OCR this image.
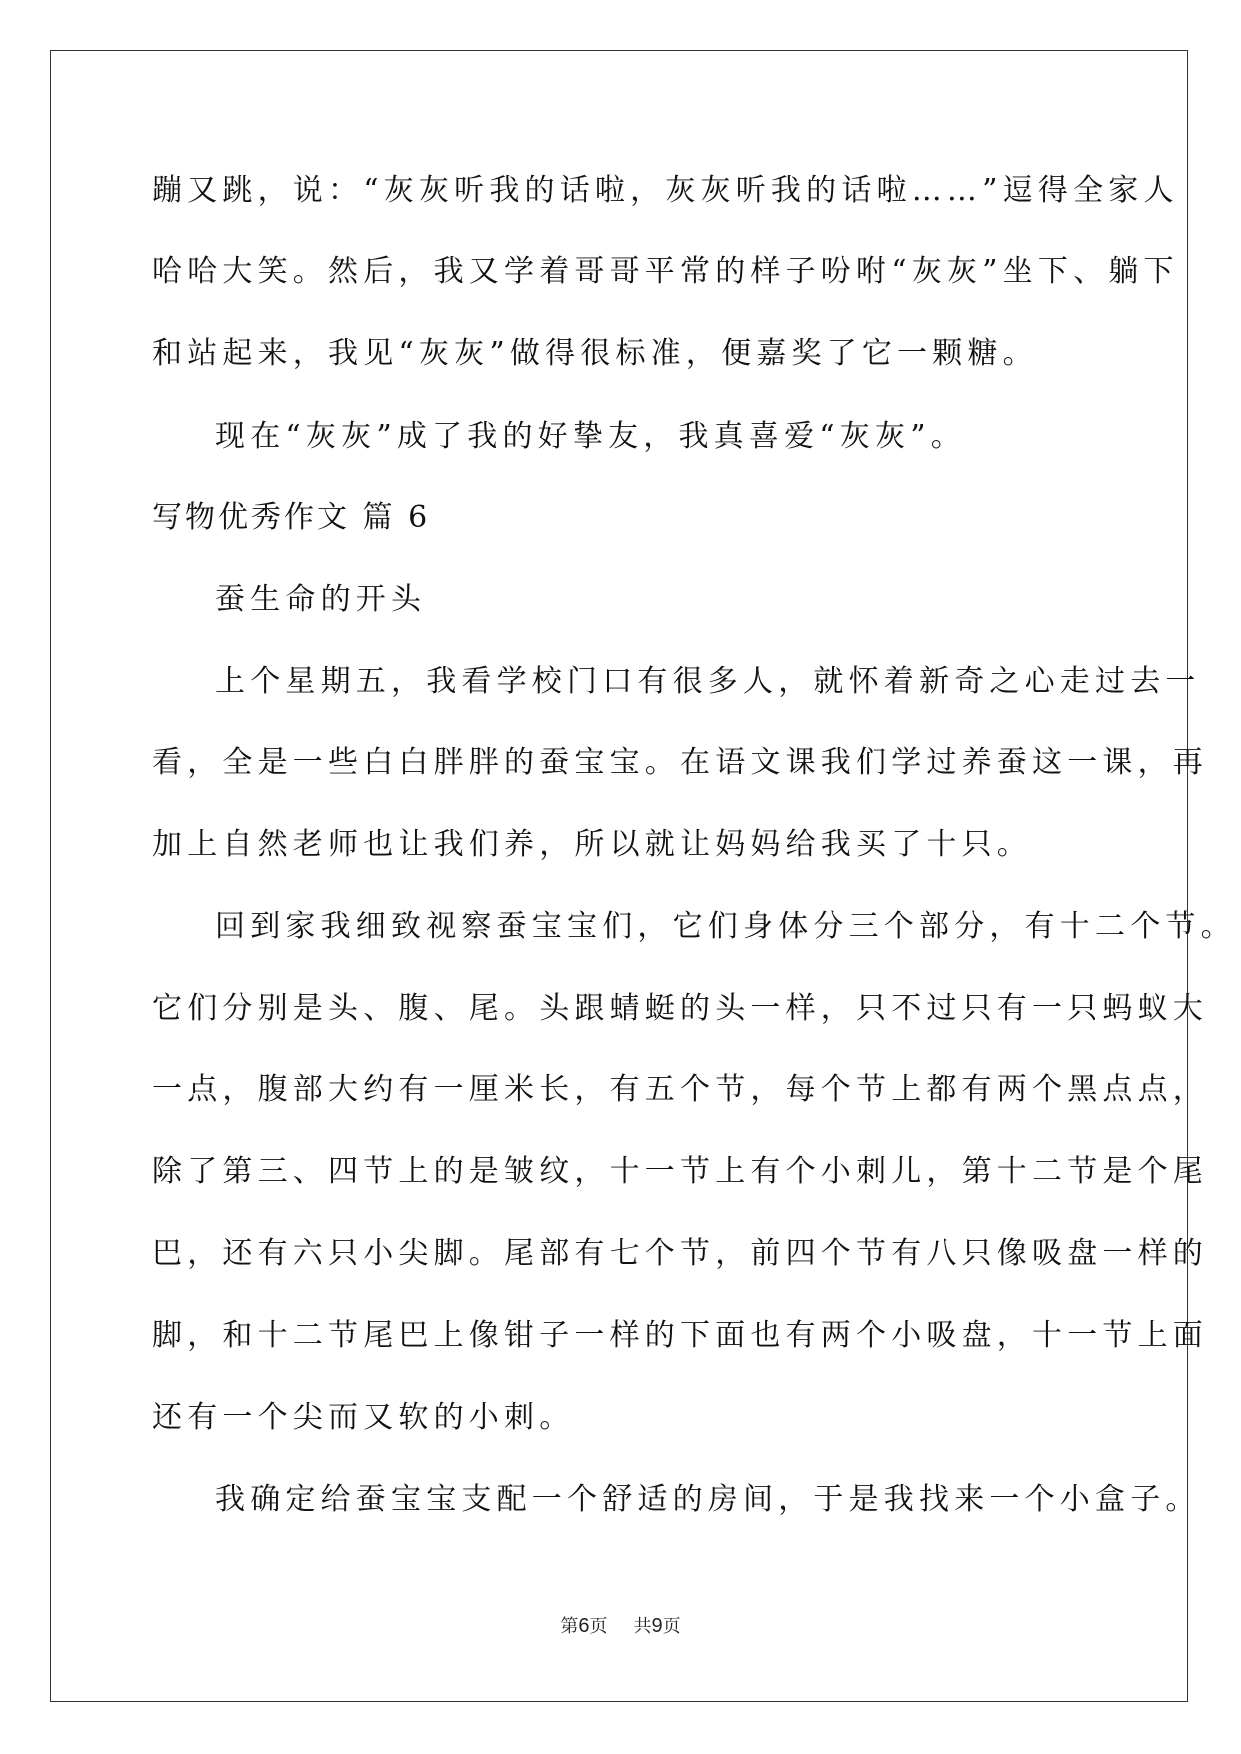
蹦又跳，说：“灰灰听我的话啦，灰灰听我的话啦……”逗得全家人
哈哈大笑。然后，我又学着哥哥平常的样子吩咐“灰灰”坐下、躺下
和站起来，我见“灰灰”做得很标准，便嘉奖了它一颗糖。
现在“灰灰”成了我的好挚友，我真喜爱“灰灰”。
写物优秀作文 篇 6
蚕生命的开头
上个星期五，我看学校门口有很多人，就怀着新奇之心走过去一
看，全是一些白白胖胖的蚕宝宝。在语文课我们学过养蚕这一课，再
加上自然老师也让我们养，所以就让妈妈给我买了十只。
回到家我细致视察蚕宝宝们，它们身体分三个部分，有十二个节。
它们分别是头、腹、尾。头跟蜻蜓的头一样，只不过只有一只蚂蚁大
一点，腹部大约有一厘米长，有五个节，每个节上都有两个黑点点，
除了第三、四节上的是皱纹，十一节上有个小刺儿，第十二节是个尾
巴，还有六只小尖脚。尾部有七个节，前四个节有八只像吸盘一样的
脚，和十二节尾巴上像钳子一样的下面也有两个小吸盘，十一节上面
还有一个尖而又软的小刺。
我确定给蚕宝宝支配一个舒适的房间，于是我找来一个小盒子。
第6页 共9页
